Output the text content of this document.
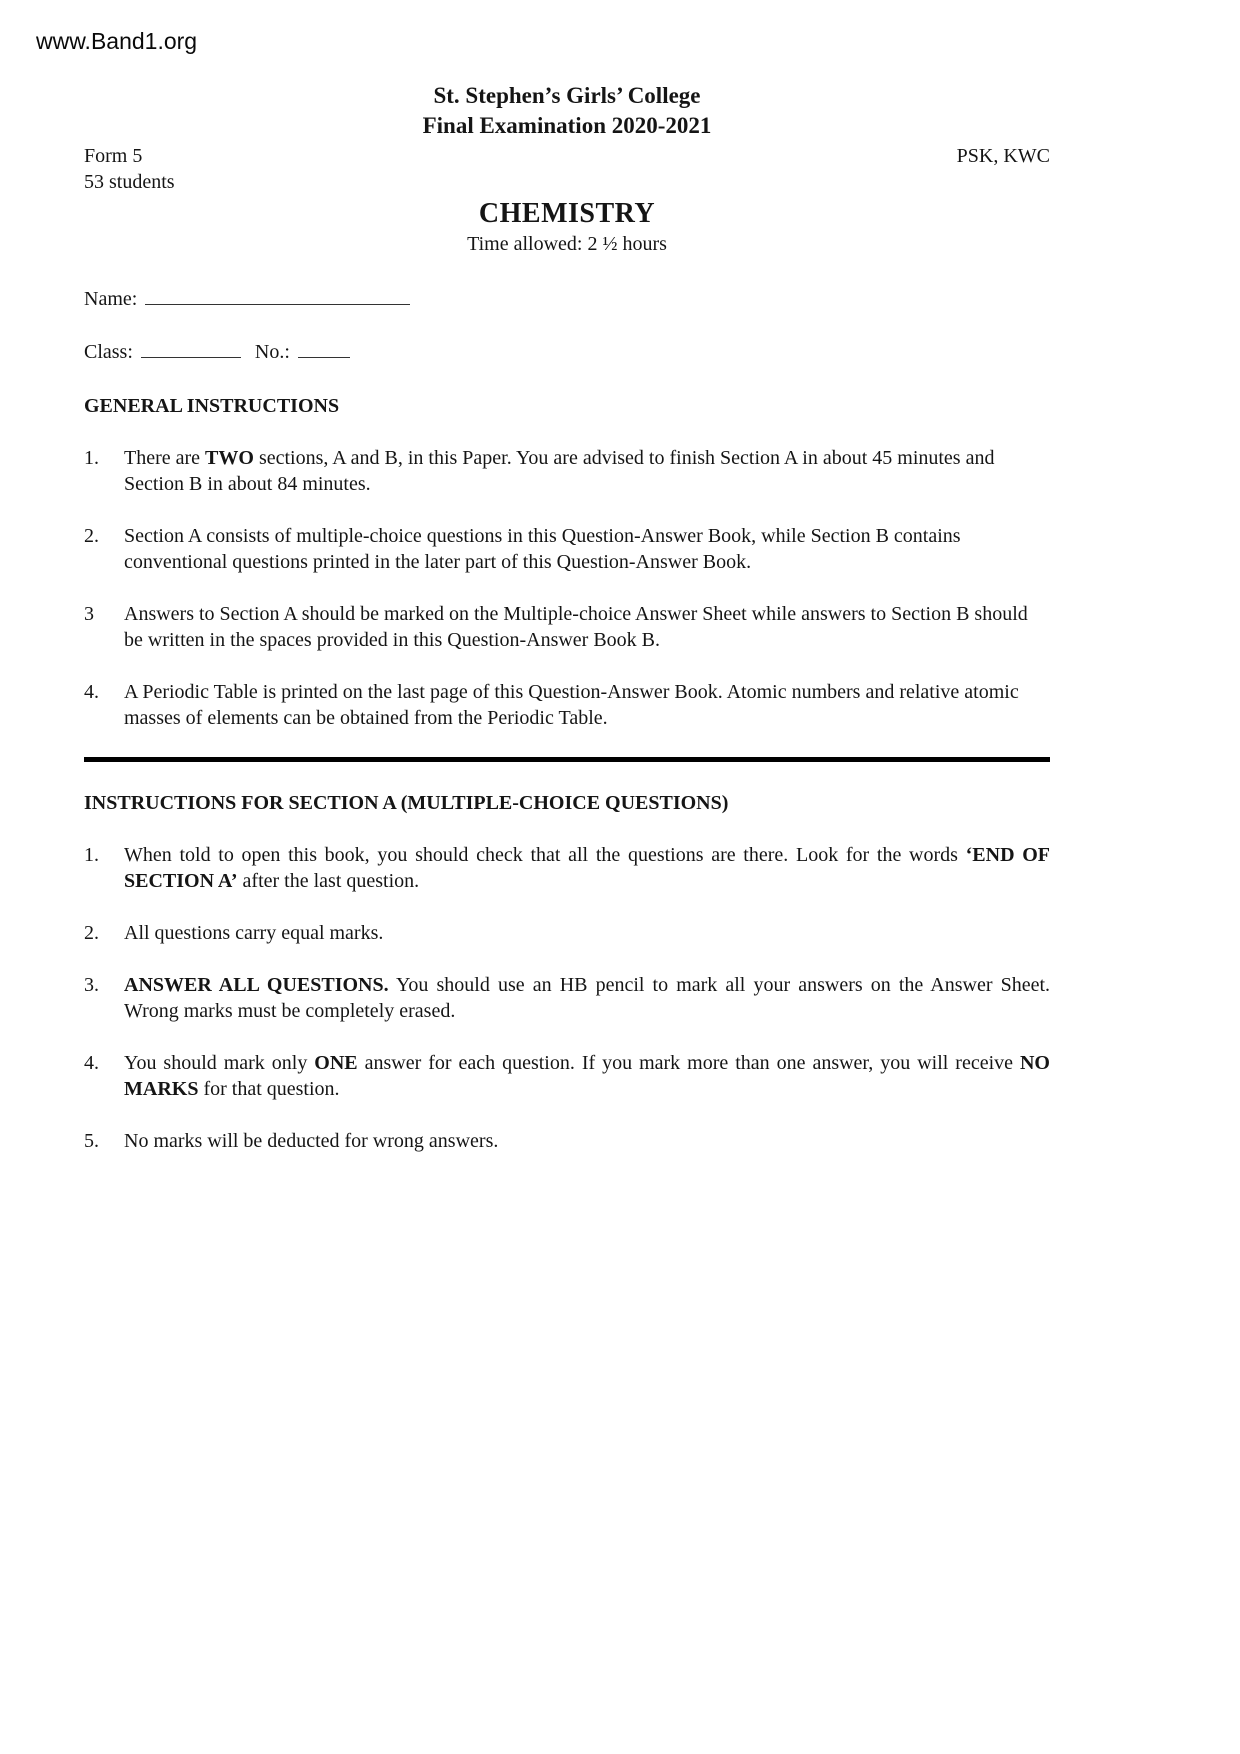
www.Band1.org
St. Stephen’s Girls’ College
Final Examination 2020-2021
Form 5
53 students
PSK, KWC
CHEMISTRY
Time allowed: 2 ½ hours
Name:
Class:	No.:
GENERAL INSTRUCTIONS
1.	There are TWO sections, A and B, in this Paper. You are advised to finish Section A in about 45 minutes and Section B in about 84 minutes.
2.	Section A consists of multiple-choice questions in this Question-Answer Book, while Section B contains conventional questions printed in the later part of this Question-Answer Book.
3	Answers to Section A should be marked on the Multiple-choice Answer Sheet while answers to Section B should be written in the spaces provided in this Question-Answer Book B.
4.	A Periodic Table is printed on the last page of this Question-Answer Book. Atomic numbers and relative atomic masses of elements can be obtained from the Periodic Table.
INSTRUCTIONS FOR SECTION A (MULTIPLE-CHOICE QUESTIONS)
1.	When told to open this book, you should check that all the questions are there. Look for the words ‘END OF SECTION A’ after the last question.
2.	All questions carry equal marks.
3.	ANSWER ALL QUESTIONS. You should use an HB pencil to mark all your answers on the Answer Sheet. Wrong marks must be completely erased.
4.	You should mark only ONE answer for each question. If you mark more than one answer, you will receive NO MARKS for that question.
5.	No marks will be deducted for wrong answers.
